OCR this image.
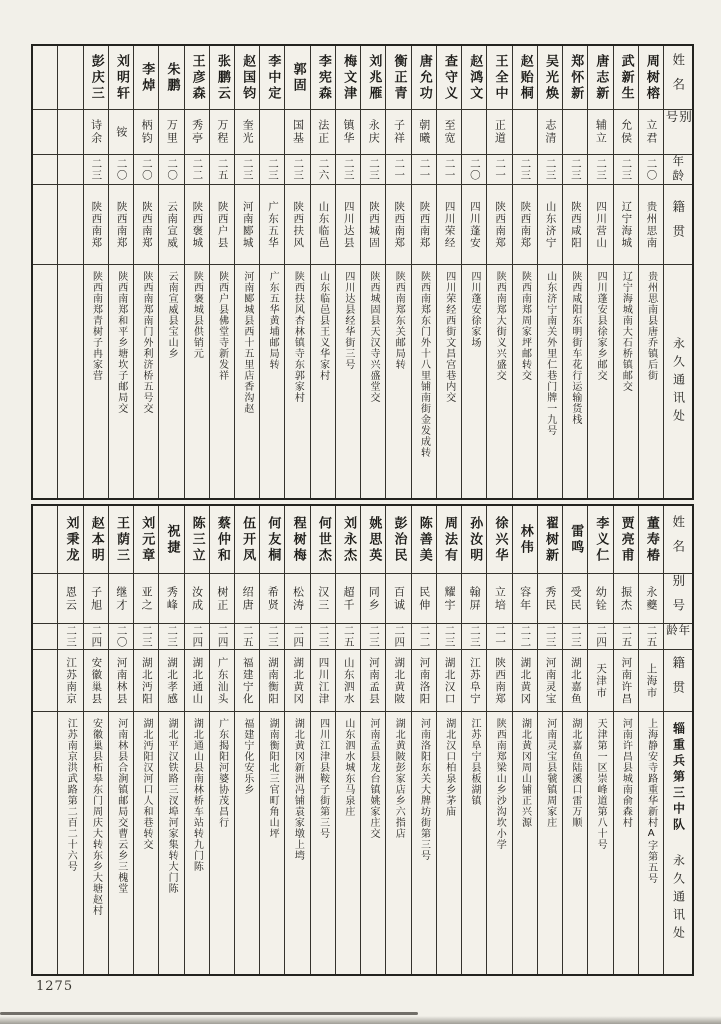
姓名
别号
年龄
籍贯
永久通讯处
周树榕
立君
二〇
贵州思南
贵州思南县唐乔镇后街
武新生
允侯
二三
辽宁海城
辽宁海城南大石桥镇邮交
唐志新
辅立
二三
四川营山
四川蓬安县徐家乡邮交
郑怀新
二三
陕西咸阳
陕西咸阳东明街车花行运输货栈
吴光焕
志清
二三
山东济宁
山东济宁南关外里仁巷门牌一九号
赵贻桐
二三
陕西南郑
陕西南郑周家坪邮转交
王全中
正道
二一
陕西南郑
陕西南郑大街义兴盛交
赵鸿文
二〇
四川蓬安
四川蓬安徐家场
查守义
至宽
二一
四川荣经
四川荣经西街文昌宫巷内交
唐允功
朝曦
二一
陕西南郑
陕西南郑东门外十八里铺南街金发成转
衡正青
子祥
二一
陕西南郑
陕西南郑东关邮局转
刘兆雁
永庆
二三
陕西城固
陕西城固县天汉寺兴盛堂交
梅文津
镇华
二三
四川达县
四川达县经华街三号
李宪森
法正
二六
山东临邑
山东临邑县王义华家村
郭固
国基
二三
陕西扶风
陕西扶风杏林镇寺东郭家村
李中定
二三
广东五华
广东五华黄埔邮局转
赵国钧
奎光
二三
河南郾城
河南郾城县西十五里店香沟赵
张鹏云
万程
二五
陕西户县
陕西户县佛堂寺新发祥
王彦森
秀亭
二二
陕西褒城
陕西褒城县供销元
朱鹏
万里
二〇
云南宣威
云南宣威县宝山乡
李焯
柄钧
二〇
陕西南郑
陕西南郑南门外利济桥五号交
刘明轩
铵
二〇
陕西南郑
陕西南郑和平乡塘坎子邮局交
彭庆三
诗余
二三
陕西南郑
陕西南郑青树子冉家营
姓名
别号
年龄
籍贯
辎重兵第三中队
永久通讯处
董寿椿
永夔
二五
上海市
上海静安寺路重华新村A字第五号
贾亮甫
振杰
二五
河南许昌
河南许昌县城南俞森村
李义仁
幼铨
二四
天津市
天津第一区崇峰道第八十号
雷鸣
受民
二三
湖北嘉鱼
湖北嘉鱼陆溪口雷万顺
翟树新
秀民
二三
河南灵宝
河南灵宝县虢镇周家庄
林伟
容年
二二
湖北黄冈
湖北黄冈周山铺正兴源
徐兴华
立培
二一
陕西南郑
陕西南郑梁山乡沙沟坎小学
孙汝明
翰屏
二三
江苏阜宁
江苏阜宁县板湖镇
周法有
耀宇
二三
湖北汉口
湖北汉口柏泉乡茅庙
陈善美
民伸
二二
河南洛阳
河南洛阳东关大牌坊街第三号
彭治民
百诚
二四
湖北黄陂
湖北黄陂彭家店乡六指店
姚思英
同乡
二三
河南孟县
河南孟县龙台镇姚家庄交
刘永杰
超千
二五
山东泗水
山东泗水城东马泉庄
何世杰
汉三
二三
四川江津
四川江津县鞍子街第三号
程树梅
松涛
二四
湖北黄冈
湖北黄冈新洲冯铺袁家墩上塆
何友桐
希贤
二三
湖南衡阳
湖南衡阳北三官町角山坪
伍开凤
绍唐
二五
福建宁化
福建宁化安乐乡
蔡仲和
树正
二四
广东汕头
广东揭阳河婆协茂昌行
陈三立
汝成
二四
湖北通山
湖北通山县南林桥车站转九门陈
祝捷
秀峰
二三
湖北孝感
湖北平汉铁路三汊埠河家集转大门陈
刘元章
亚之
二三
湖北沔阳
湖北沔阳汉河口人和巷转交
王荫三
继才
二〇
河南林县
河南林县合涧镇邮局交曹云乡三槐堂
赵本明
子旭
二四
安徽巢县
安徽巢县柘皋东门周庆大转东乡大塘赵村
刘秉龙
恩云
二三
江苏南京
江苏南京洪武路第二百二十六号
1275
